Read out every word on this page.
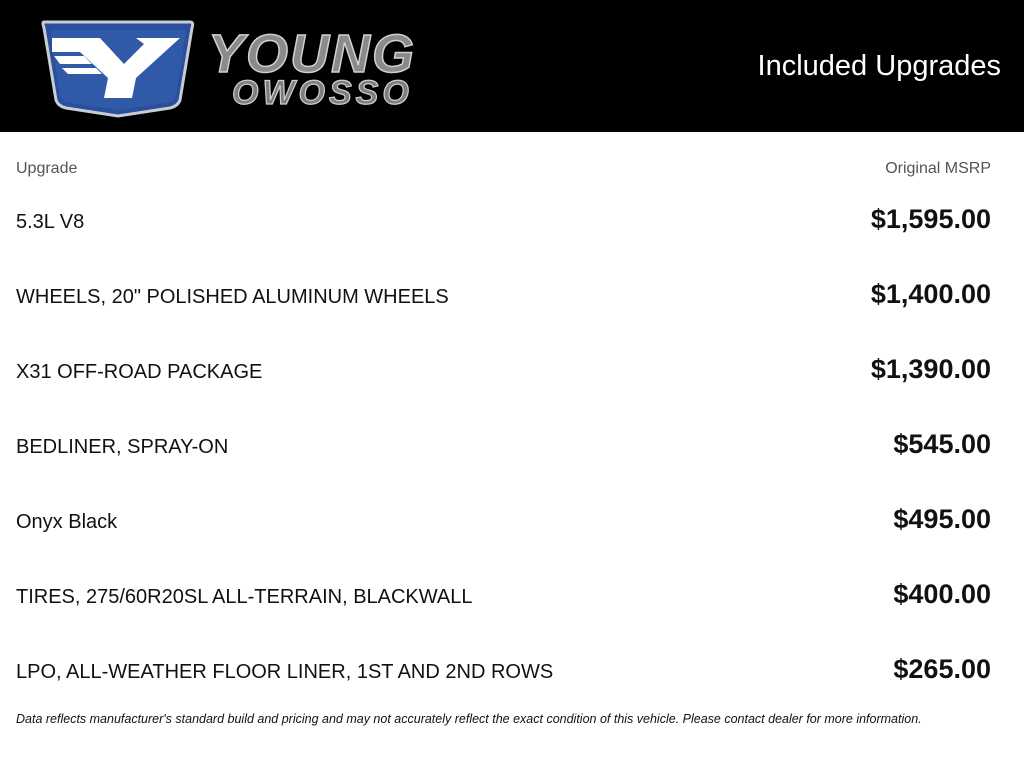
YOUNG
OWOSSO
Included Upgrades
Upgrade	Original MSRP
5.3L V8	$1,595.00
WHEELS, 20" POLISHED ALUMINUM WHEELS	$1,400.00
X31 OFF-ROAD PACKAGE	$1,390.00
BEDLINER, SPRAY-ON	$545.00
Onyx Black	$495.00
TIRES, 275/60R20SL ALL-TERRAIN, BLACKWALL	$400.00
LPO, ALL-WEATHER FLOOR LINER, 1ST AND 2ND ROWS	$265.00
Data reflects manufacturer's standard build and pricing and may not accurately reflect the exact condition of this vehicle. Please contact dealer for more information.
